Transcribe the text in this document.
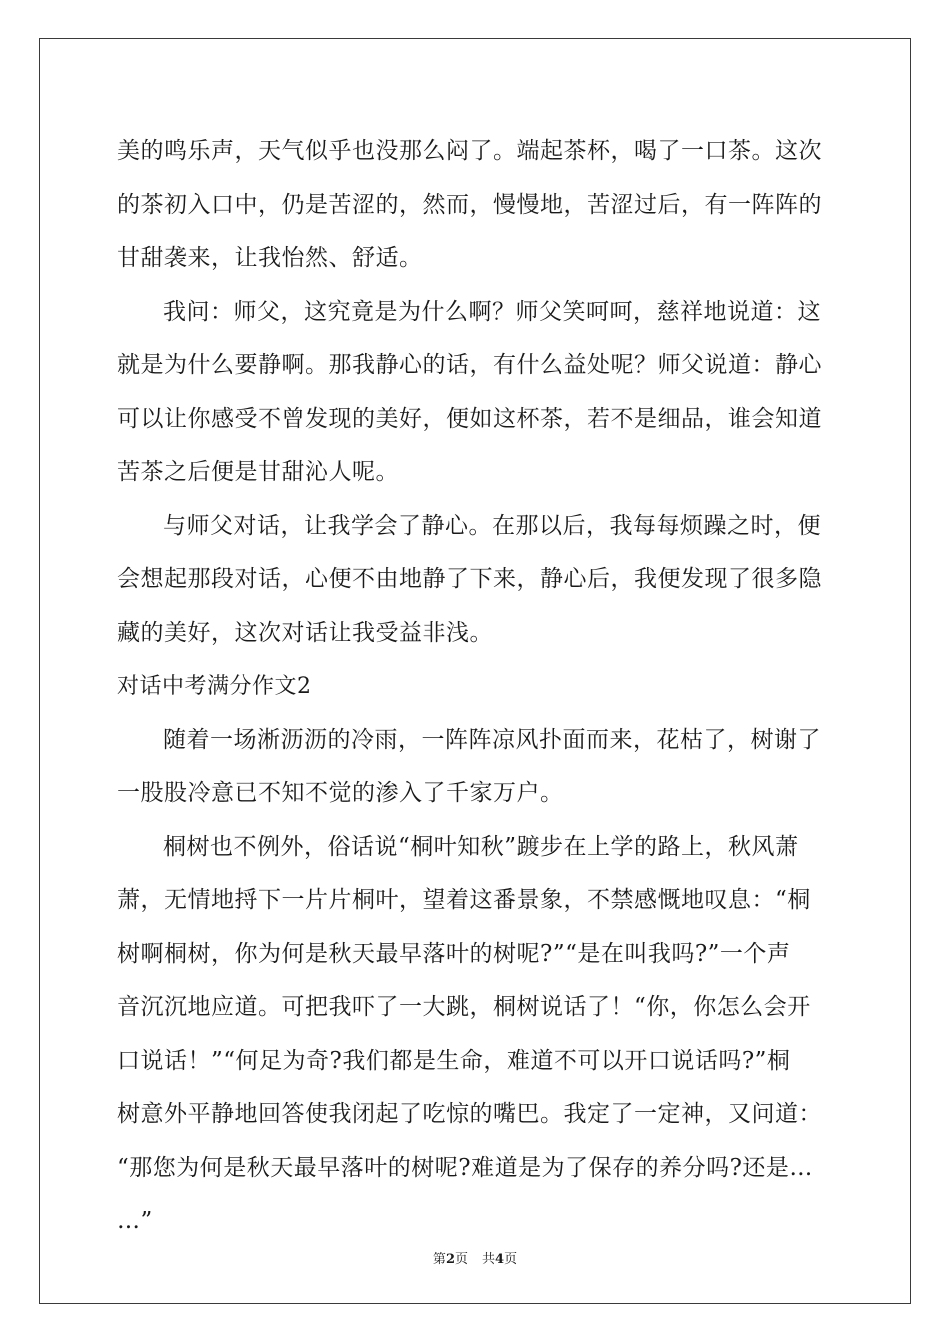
美的鸣乐声，天气似乎也没那么闷了。端起茶杯，喝了一口茶。这次
的茶初入口中，仍是苦涩的，然而，慢慢地，苦涩过后，有一阵阵的
甘甜袭来，让我怡然、舒适。
我问：师父，这究竟是为什么啊？师父笑呵呵，慈祥地说道：这
就是为什么要静啊。那我静心的话，有什么益处呢？师父说道：静心
可以让你感受不曾发现的美好，便如这杯茶，若不是细品，谁会知道
苦茶之后便是甘甜沁人呢。
与师父对话，让我学会了静心。在那以后，我每每烦躁之时，便
会想起那段对话，心便不由地静了下来，静心后，我便发现了很多隐
藏的美好，这次对话让我受益非浅。
对话中考满分作文2
随着一场淅沥沥的冷雨，一阵阵凉风扑面而来，花枯了，树谢了
一股股冷意已不知不觉的渗入了千家万户。
桐树也不例外，俗话说“桐叶知秋”踱步在上学的路上，秋风萧
萧，无情地捋下一片片桐叶，望着这番景象，不禁感慨地叹息：“桐
树啊桐树，你为何是秋天最早落叶的树呢?”“是在叫我吗?”一个声
音沉沉地应道。可把我吓了一大跳，桐树说话了！“你，你怎么会开
口说话！”“何足为奇?我们都是生命，难道不可以开口说话吗?”桐
树意外平静地回答使我闭起了吃惊的嘴巴。我定了一定神，又问道：
“那您为何是秋天最早落叶的树呢?难道是为了保存的养分吗?还是…
…”
第2页 共4页
